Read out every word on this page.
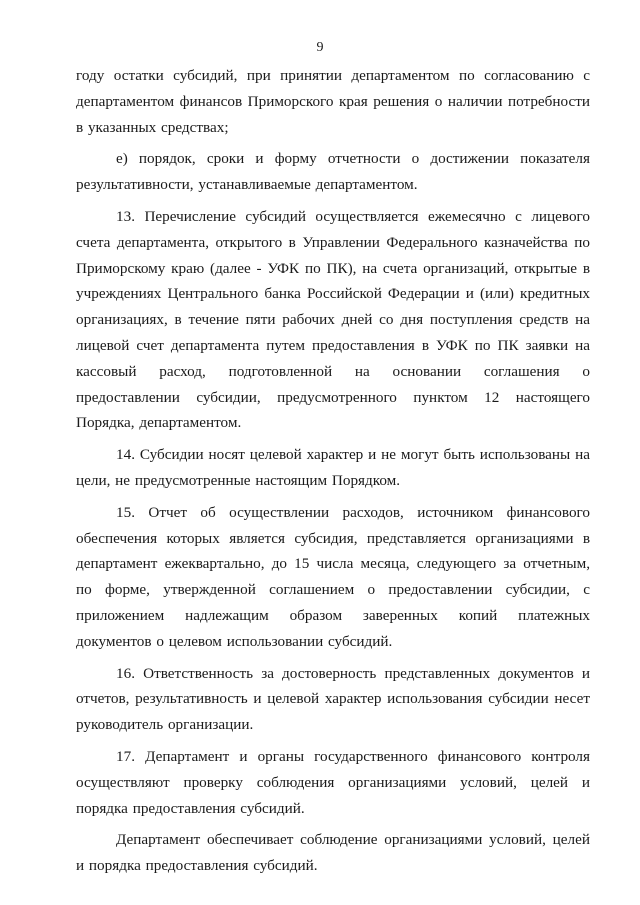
9

году остатки субсидий, при принятии департаментом по согласованию с департаментом финансов Приморского края решения о наличии потребности в указанных средствах;

е) порядок, сроки и форму отчетности о достижении показателя результативности, устанавливаемые департаментом.

13. Перечисление субсидий осуществляется ежемесячно с лицевого счета департамента, открытого в Управлении Федерального казначейства по Приморскому краю (далее - УФК по ПК), на счета организаций, открытые в учреждениях Центрального банка Российской Федерации и (или) кредитных организациях, в течение пяти рабочих дней со дня поступления средств на лицевой счет департамента путем предоставления в УФК по ПК заявки на кассовый расход, подготовленной на основании соглашения о предоставлении субсидии, предусмотренного пунктом 12 настоящего Порядка, департаментом.

14. Субсидии носят целевой характер и не могут быть использованы на цели, не предусмотренные настоящим Порядком.

15. Отчет об осуществлении расходов, источником финансового обеспечения которых является субсидия, представляется организациями в департамент ежеквартально, до 15 числа месяца, следующего за отчетным, по форме, утвержденной соглашением о предоставлении субсидии, с приложением надлежащим образом заверенных копий платежных документов о целевом использовании субсидий.

16. Ответственность за достоверность представленных документов и отчетов, результативность и целевой характер использования субсидии несет руководитель организации.

17. Департамент и органы государственного финансового контроля осуществляют проверку соблюдения организациями условий, целей и порядка предоставления субсидий.

Департамент обеспечивает соблюдение организациями условий, целей и порядка предоставления субсидий.
